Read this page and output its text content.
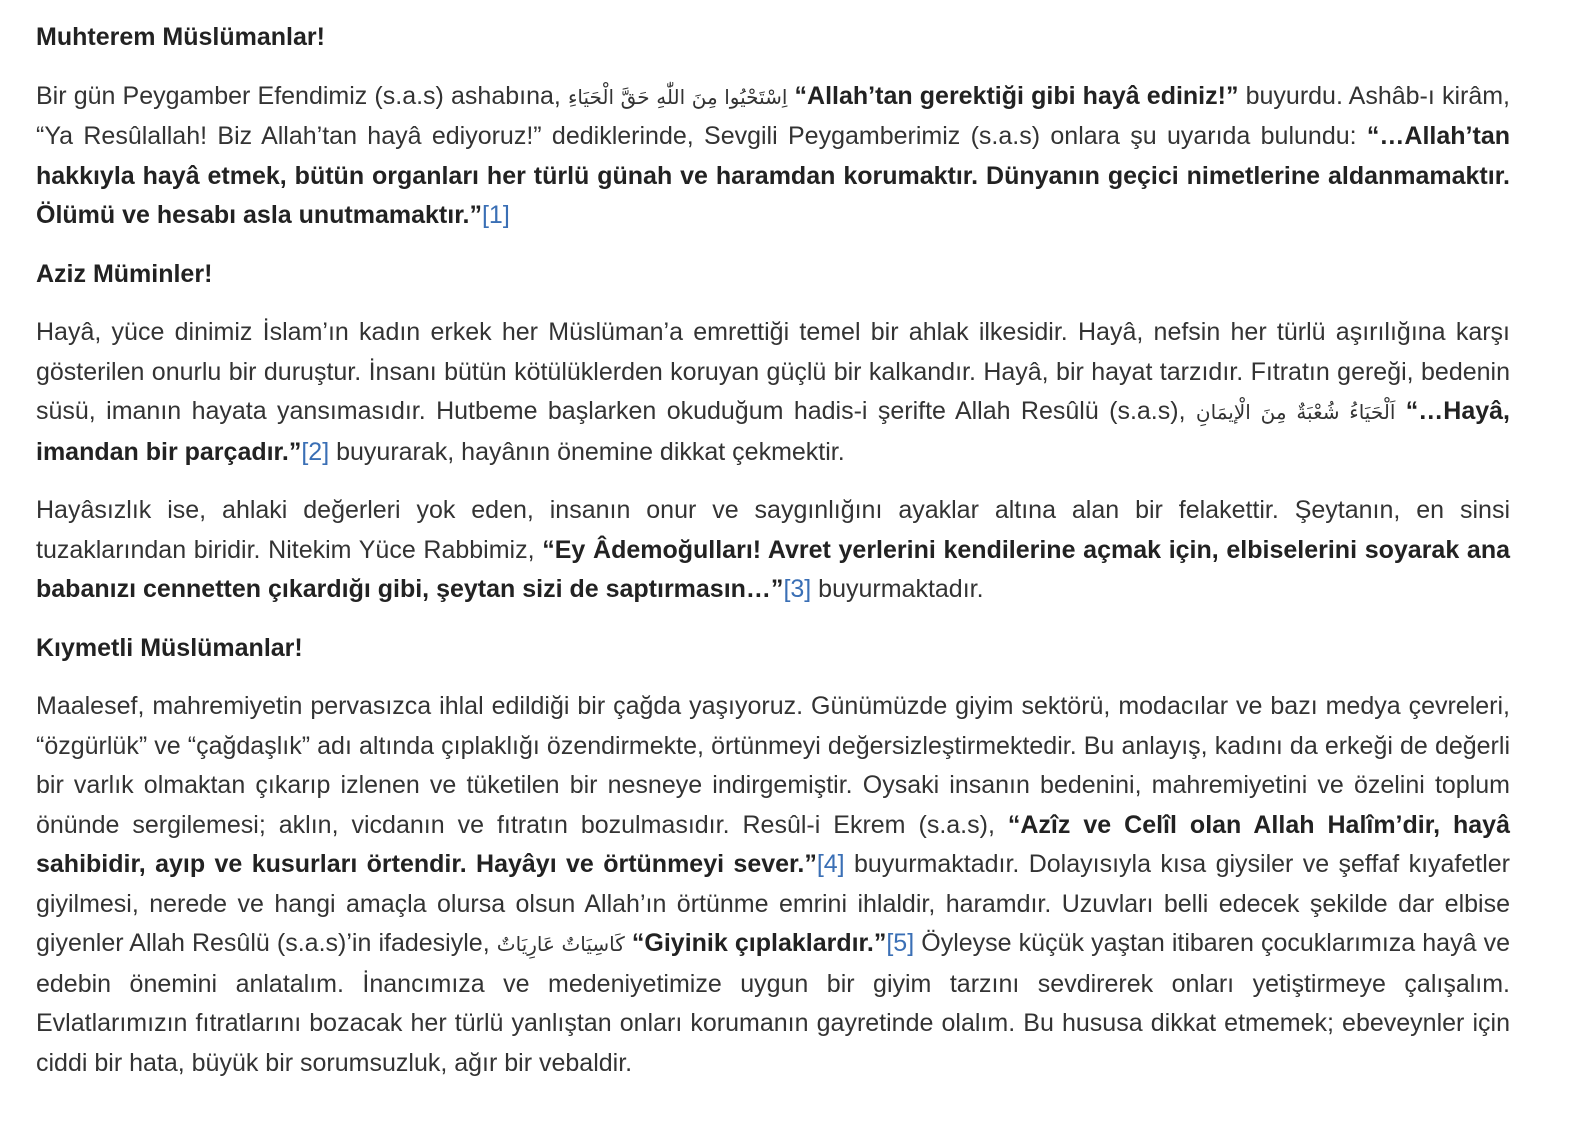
Muhterem Müslümanlar!

Bir gün Peygamber Efendimiz (s.a.s) ashabına, اِسْتَحْيُوا مِنَ اللّٰهِ حَقَّ الْحَيَاءِ “Allah’tan gerektiği gibi hayâ ediniz!” buyurdu. Ashâb-ı kirâm, “Ya Resûlallah! Biz Allah’tan hayâ ediyoruz!” dediklerinde, Sevgili Peygamberimiz (s.a.s) onlara şu uyarıda bulundu: “…Allah’tan hakkıyla hayâ etmek, bütün organları her türlü günah ve haramdan korumaktır. Dünyanın geçici nimetlerine aldanmamaktır. Ölümü ve hesabı asla unutmamaktır.”[1]

Aziz Müminler!

Hayâ, yüce dinimiz İslam’ın kadın erkek her Müslüman’a emrettiği temel bir ahlak ilkesidir. Hayâ, nefsin her türlü aşırılığına karşı gösterilen onurlu bir duruştur. İnsanı bütün kötülüklerden koruyan güçlü bir kalkandır. Hayâ, bir hayat tarzıdır. Fıtratın gereği, bedenin süsü, imanın hayata yansımasıdır. Hutbeme başlarken okuduğum hadis-i şerifte Allah Resûlü (s.a.s), اَلْحَيَاءُ شُعْبَةٌ مِنَ الْإيمَانِ “…Hayâ, imandan bir parçadır.”[2] buyurarak, hayânın önemine dikkat çekmektir.

Hayâsızlık ise, ahlaki değerleri yok eden, insanın onur ve saygınlığını ayaklar altına alan bir felakettir. Şeytanın, en sinsi tuzaklarından biridir. Nitekim Yüce Rabbimiz, “Ey Âdemoğulları! Avret yerlerini kendilerine açmak için, elbiselerini soyarak ana babanızı cennetten çıkardığı gibi, şeytan sizi de saptırmasın…”[3] buyurmaktadır.

Kıymetli Müslümanlar!

Maalesef, mahremiyetin pervasızca ihlal edildiği bir çağda yaşıyoruz. Günümüzde giyim sektörü, modacılar ve bazı medya çevreleri, “özgürlük” ve “çağdaşlık” adı altında çıplaklığı özendirmekte, örtünmeyi değersizleştirmektedir. Bu anlayış, kadını da erkeği de değerli bir varlık olmaktan çıkarıp izlenen ve tüketilen bir nesneye indirgemiştir. Oysaki insanın bedenini, mahremiyetini ve özelini toplum önünde sergilemesi; aklın, vicdanın ve fıtratın bozulmasıdır. Resûl-i Ekrem (s.a.s), “Azîz ve Celîl olan Allah Halîm’dir, hayâ sahibidir, ayıp ve kusurları örtendir. Hayâyı ve örtünmeyi sever.”[4] buyurmaktadır. Dolayısıyla kısa giysiler ve şeffaf kıyafetler giyilmesi, nerede ve hangi amaçla olursa olsun Allah’ın örtünme emrini ihlaldir, haramdır. Uzuvları belli edecek şekilde dar elbise giyenler Allah Resûlü (s.a.s)’in ifadesiyle, كَاسِيَاتٌ عَارِيَاتٌ “Giyinik çıplaklardır.”[5] Öyleyse küçük yaştan itibaren çocuklarımıza hayâ ve edebin önemini anlatalım. İnancımıza ve medeniyetimize uygun bir giyim tarzını sevdirerek onları yetiştirmeye çalışalım. Evlatlarımızın fıtratlarını bozacak her türlü yanlıştan onları korumanın gayretinde olalım. Bu hususa dikkat etmemek; ebeveynler için ciddi bir hata, büyük bir sorumsuzluk, ağır bir vebaldir.
